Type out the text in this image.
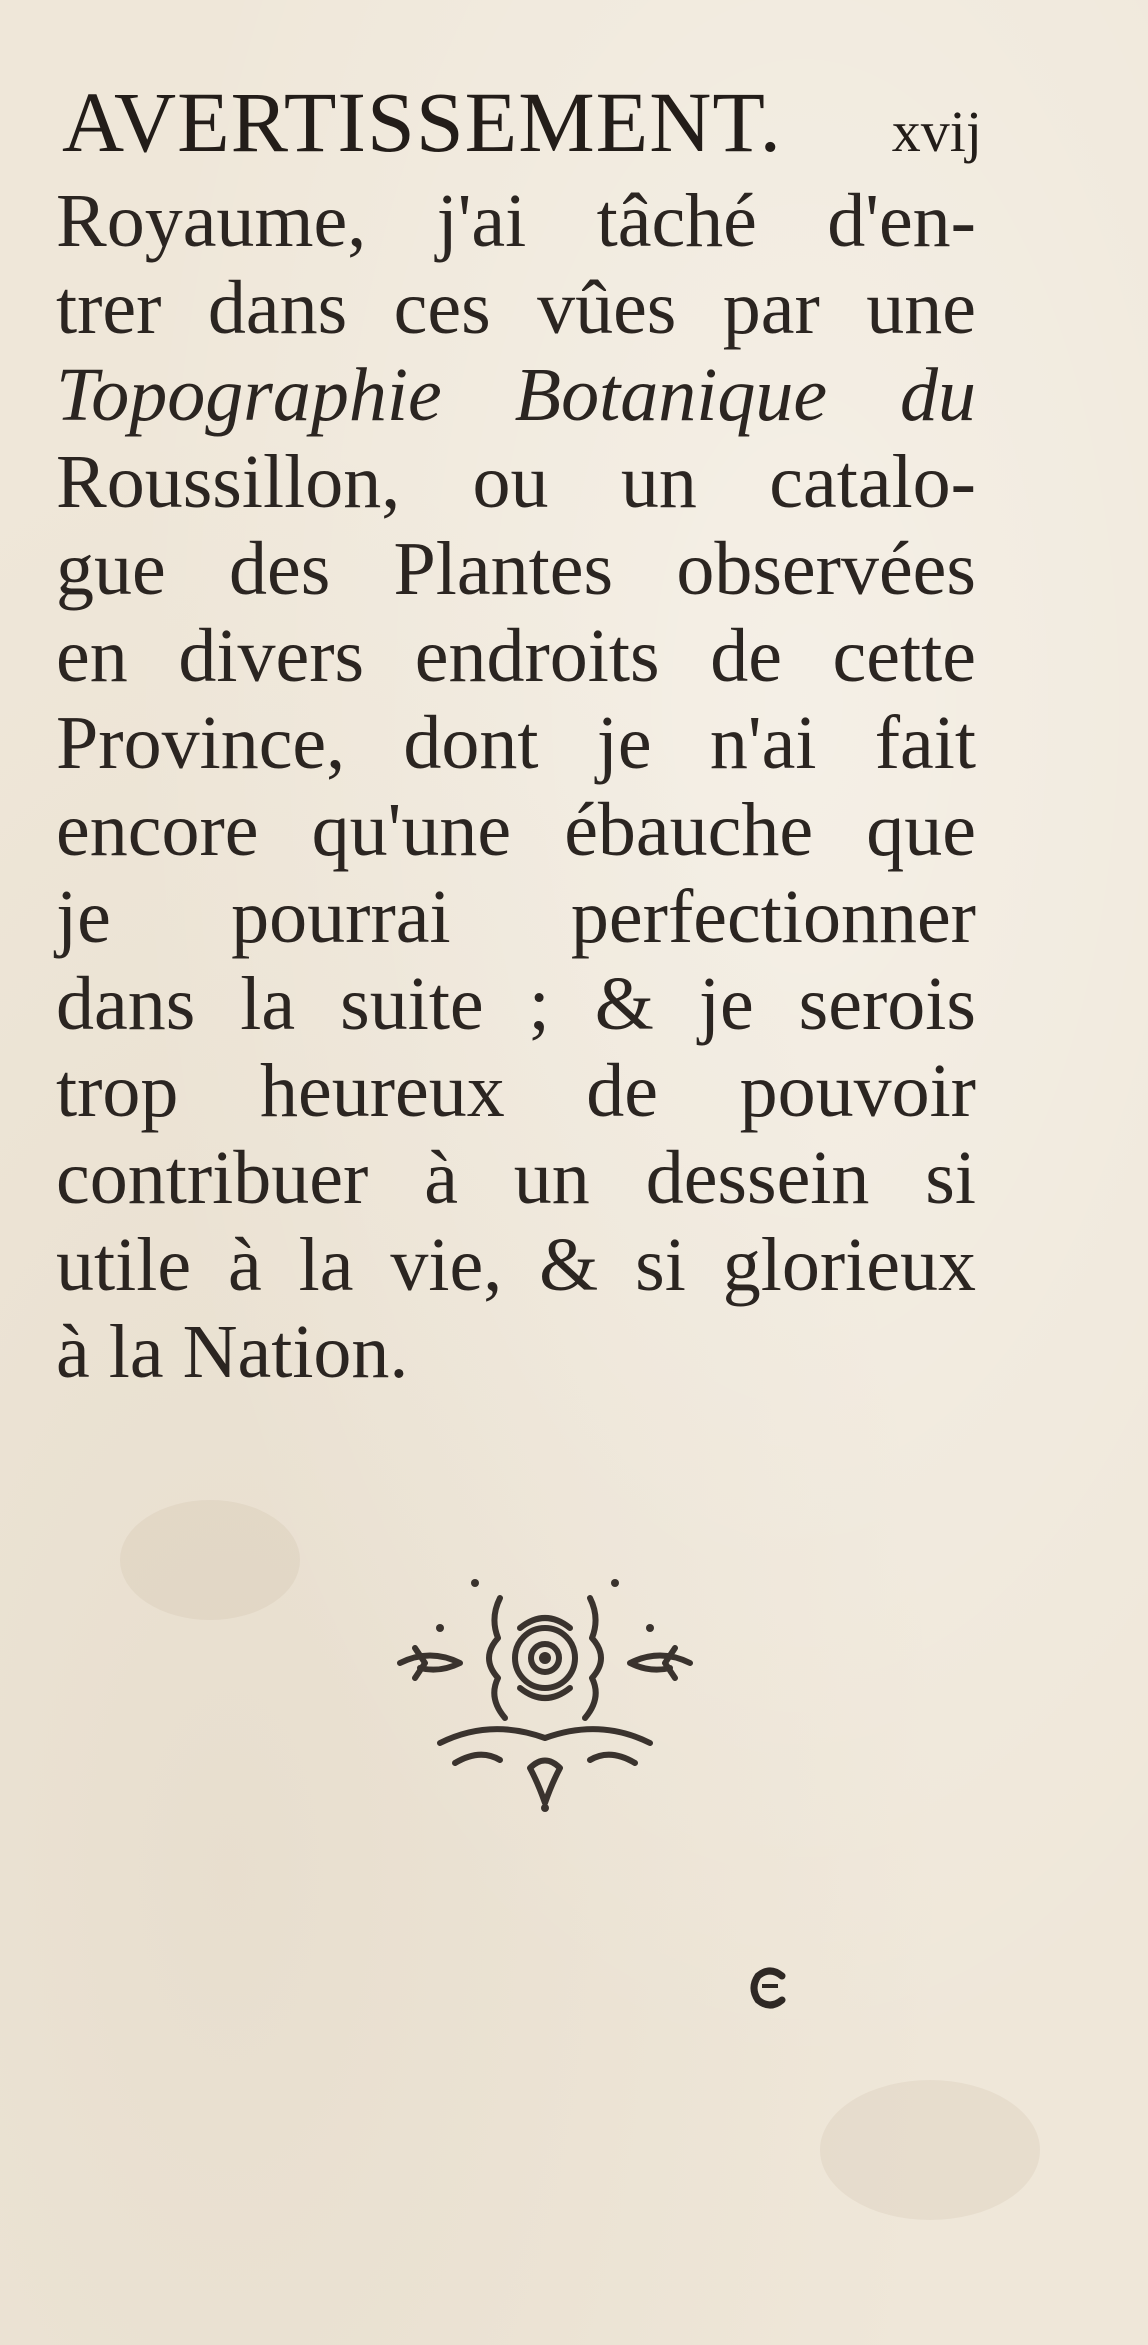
AVERTISSEMENT. xvij
Royaume, j'ai tâché d'en-
trer dans ces vûes par une
Topographie Botanique du
Roussillon, ou un catalo-
gue des Plantes observées
en divers endroits de cette
Province, dont je n'ai fait
encore qu'une ébauche que
je pourrai perfectionner
dans la suite ; & je serois
trop heureux de pouvoir
contribuer à un dessein si
utile à la vie, & si glorieux
à la Nation.
